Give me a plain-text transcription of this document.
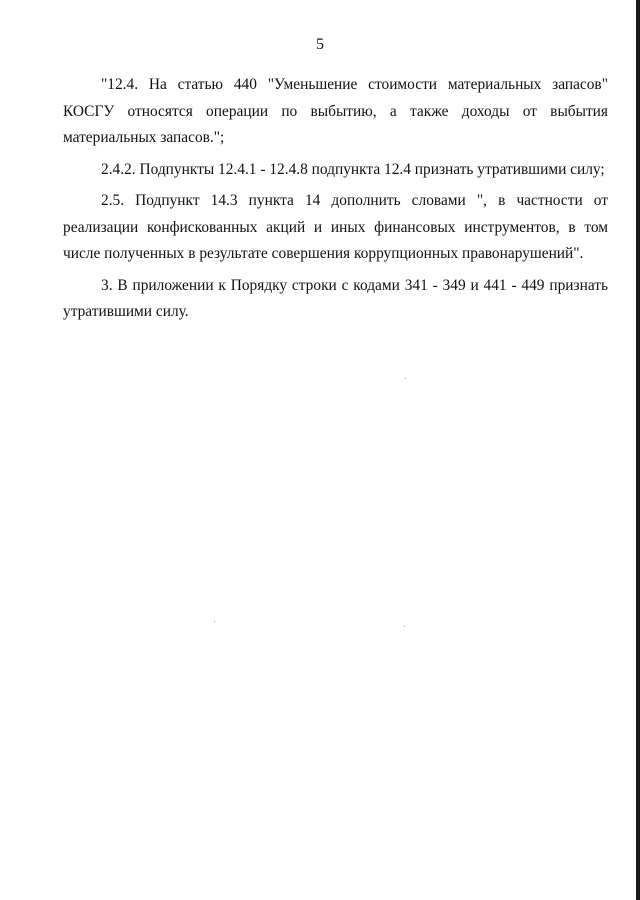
5

"12.4. На статью 440 "Уменьшение стоимости материальных запасов" КОСГУ относятся операции по выбытию, а также доходы от выбытия материальных запасов.";

2.4.2. Подпункты 12.4.1 - 12.4.8 подпункта 12.4 признать утратившими силу;

2.5. Подпункт 14.3 пункта 14 дополнить словами ", в частности от реализации конфискованных акций и иных финансовых инструментов, в том числе полученных в результате совершения коррупционных правонарушений".

3. В приложении к Порядку строки с кодами 341 - 349 и 441 - 449 признать утратившими силу.
